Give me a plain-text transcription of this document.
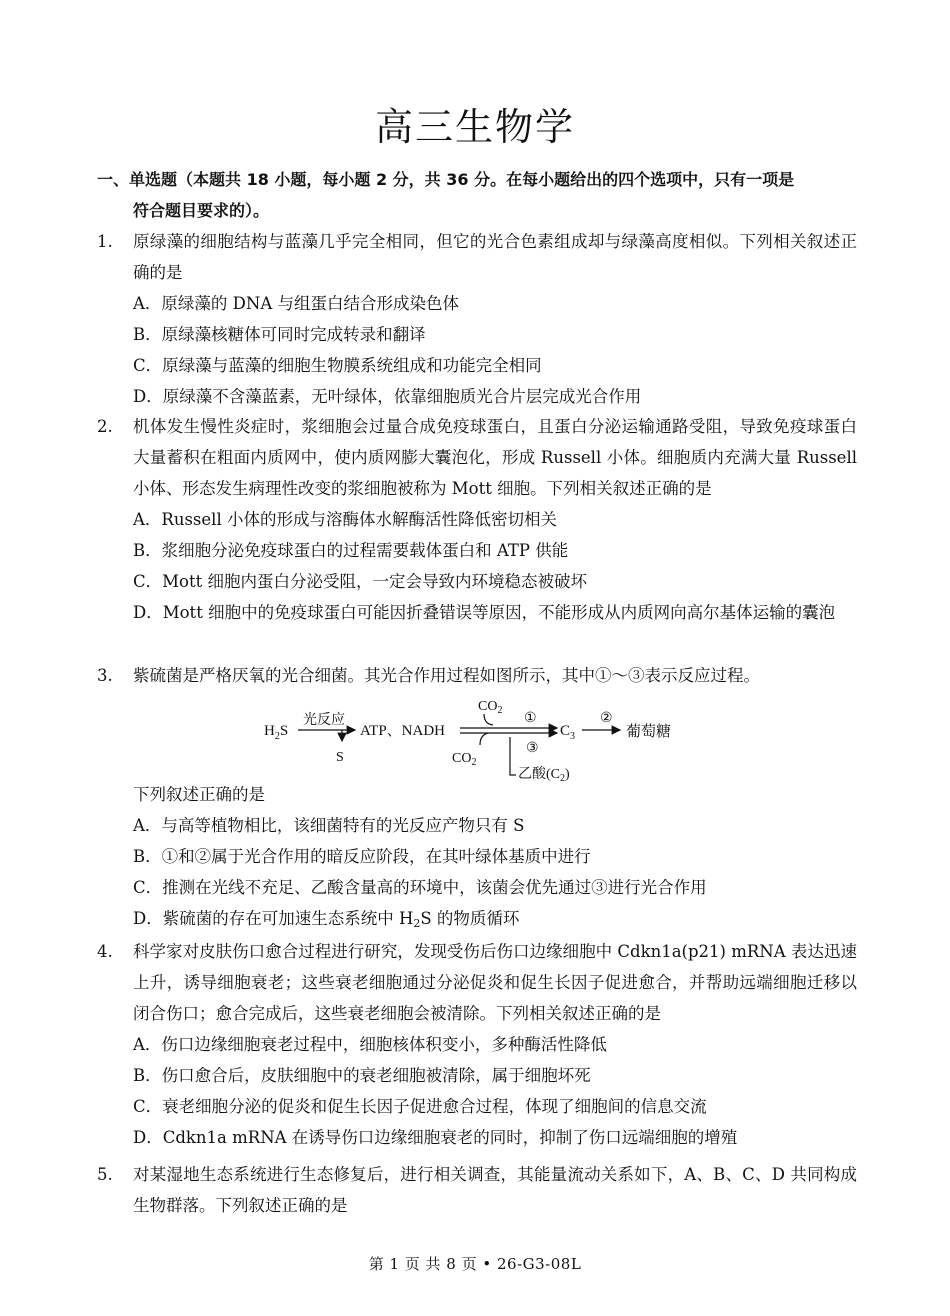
高三生物学
一、单选题（本题共 18 小题，每小题 2 分，共 36 分。在每小题给出的四个选项中，只有一项是
符合题目要求的）。
1.	原绿藻的细胞结构与蓝藻几乎完全相同，但它的光合色素组成却与绿藻高度相似。下列相关叙述正确的是
A．原绿藻的 DNA 与组蛋白结合形成染色体
B．原绿藻核糖体可同时完成转录和翻译
C．原绿藻与蓝藻的细胞生物膜系统组成和功能完全相同
D．原绿藻不含藻蓝素，无叶绿体，依靠细胞质光合片层完成光合作用
2.	机体发生慢性炎症时，浆细胞会过量合成免疫球蛋白，且蛋白分泌运输通路受阻，导致免疫球蛋白大量蓄积在粗面内质网中，使内质网膨大囊泡化，形成 Russell 小体。细胞质内充满大量 Russell 小体、形态发生病理性改变的浆细胞被称为 Mott 细胞。下列相关叙述正确的是
A．Russell 小体的形成与溶酶体水解酶活性降低密切相关
B．浆细胞分泌免疫球蛋白的过程需要载体蛋白和 ATP 供能
C．Mott 细胞内蛋白分泌受阻，一定会导致内环境稳态被破坏
D．Mott 细胞中的免疫球蛋白可能因折叠错误等原因，不能形成从内质网向高尔基体运输的囊泡
3.	紫硫菌是严格厌氧的光合细菌。其光合作用过程如图所示，其中①～③表示反应过程。
$H_2S$
光反应
S
ATP、NADH
$CO_2$
①
③
$CO_2$
乙酸$(C_2)$
$C_3$
②
葡萄糖
下列叙述正确的是
A．与高等植物相比，该细菌特有的光反应产物只有 S
B．①和②属于光合作用的暗反应阶段，在其叶绿体基质中进行
C．推测在光线不充足、乙酸含量高的环境中，该菌会优先通过③进行光合作用
D．紫硫菌的存在可加速生态系统中 $H_2S$ 的物质循环
4.	科学家对皮肤伤口愈合过程进行研究，发现受伤后伤口边缘细胞中 Cdkn1a(p21) mRNA 表达迅速上升，诱导细胞衰老；这些衰老细胞通过分泌促炎和促生长因子促进愈合，并帮助远端细胞迁移以闭合伤口；愈合完成后，这些衰老细胞会被清除。下列相关叙述正确的是
A．伤口边缘细胞衰老过程中，细胞核体积变小，多种酶活性降低
B．伤口愈合后，皮肤细胞中的衰老细胞被清除，属于细胞坏死
C．衰老细胞分泌的促炎和促生长因子促进愈合过程，体现了细胞间的信息交流
D．Cdkn1a mRNA 在诱导伤口边缘细胞衰老的同时，抑制了伤口远端细胞的增殖
5.	对某湿地生态系统进行生态修复后，进行相关调查，其能量流动关系如下，A、B、C、D 共同构成生物群落。下列叙述正确的是
第 1 页 共 8 页 • 26-G3-08L
